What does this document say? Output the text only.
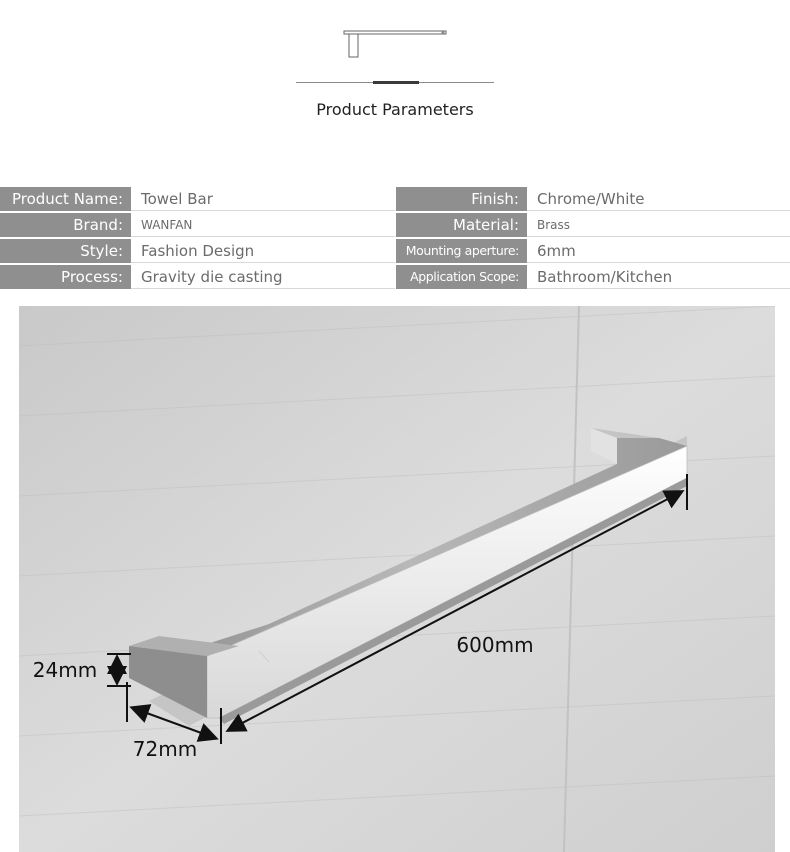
Product Parameters
Product Name:	Towel Bar	Finish:	Chrome/White
Brand:	WANFAN	Material:	Brass
Style:	Fashion Design	Mounting aperture:	6mm
Process:	Gravity die casting	Application Scope:	Bathroom/Kitchen
600mm
24mm
72mm
